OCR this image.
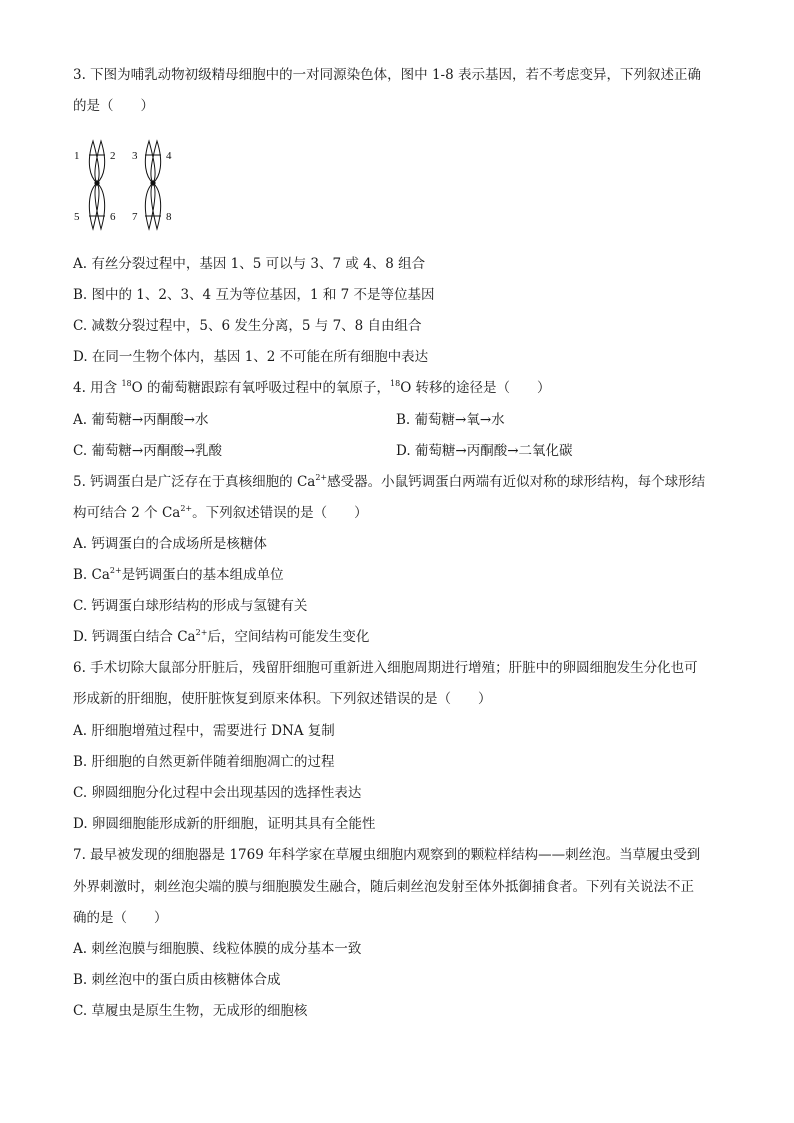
3. 下图为哺乳动物初级精母细胞中的一对同源染色体，图中 1-8 表示基因，若不考虑变异，下列叙述正确
的是（　　）
1	2 3	4
5	6 7	8
A. 有丝分裂过程中，基因 1、5 可以与 3、7 或 4、8 组合
B. 图中的 1、2、3、4 互为等位基因，1 和 7 不是等位基因
C. 减数分裂过程中，5、6 发生分离，5 与 7、8 自由组合
D. 在同一生物个体内，基因 1、2 不可能在所有细胞中表达
4. 用含 $^{18}$O 的葡萄糖跟踪有氧呼吸过程中的氧原子，$^{18}$O 转移的途径是（　　）
A. 葡萄糖→丙酮酸→水	B. 葡萄糖→氧→水
C. 葡萄糖→丙酮酸→乳酸	D. 葡萄糖→丙酮酸→二氧化碳
5. 钙调蛋白是广泛存在于真核细胞的 $Ca^{2+}$感受器。小鼠钙调蛋白两端有近似对称的球形结构，每个球形结
构可结合 2 个 $Ca^{2+}$。下列叙述错误的是（　　）
A. 钙调蛋白的合成场所是核糖体
B. $Ca^{2+}$是钙调蛋白的基本组成单位
C. 钙调蛋白球形结构的形成与氢键有关
D. 钙调蛋白结合 $Ca^{2+}$后，空间结构可能发生变化
6. 手术切除大鼠部分肝脏后，残留肝细胞可重新进入细胞周期进行增殖；肝脏中的卵圆细胞发生分化也可
形成新的肝细胞，使肝脏恢复到原来体积。下列叙述错误的是（　　）
A. 肝细胞增殖过程中，需要进行 DNA 复制
B. 肝细胞的自然更新伴随着细胞凋亡的过程
C. 卵圆细胞分化过程中会出现基因的选择性表达
D. 卵圆细胞能形成新的肝细胞，证明其具有全能性
7. 最早被发现的细胞器是 1769 年科学家在草履虫细胞内观察到的颗粒样结构——刺丝泡。当草履虫受到
外界刺激时，刺丝泡尖端的膜与细胞膜发生融合，随后刺丝泡发射至体外抵御捕食者。下列有关说法不正
确的是（　　）
A. 刺丝泡膜与细胞膜、线粒体膜的成分基本一致
B. 刺丝泡中的蛋白质由核糖体合成
C. 草履虫是原生生物，无成形的细胞核
